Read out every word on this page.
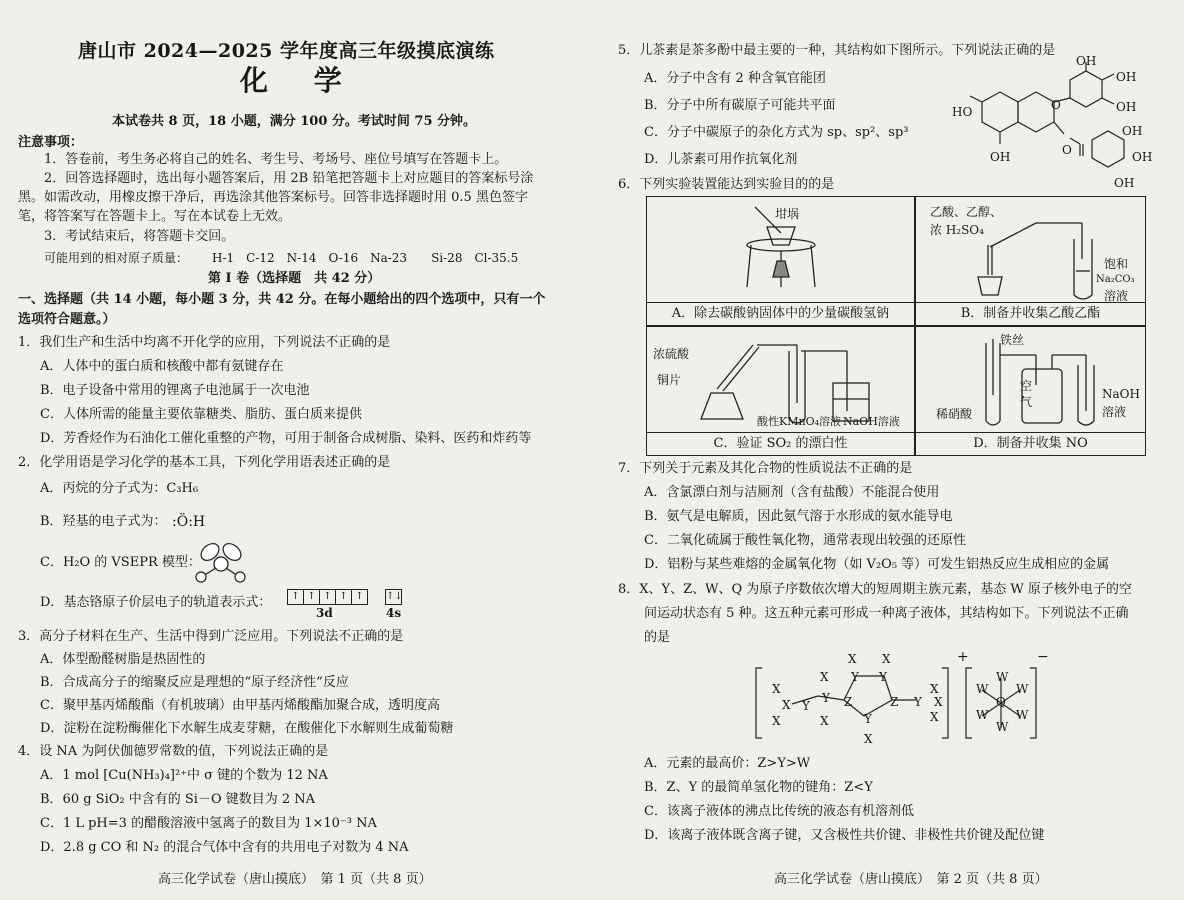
唐山市 2024—2025 学年度高三年级摸底演练
化 学
本试卷共 8 页，18 小题，满分 100 分。考试时间 75 分钟。
注意事项：
1．答卷前，考生务必将自己的姓名、考生号、考场号、座位号填写在答题卡上。
2．回答选择题时，选出每小题答案后，用 2B 铅笔把答题卡上对应题目的答案标号涂
黑。如需改动，用橡皮擦干净后，再选涂其他答案标号。回答非选择题时用 0.5 黑色签字
笔，将答案写在答题卡上。写在本试卷上无效。
3．考试结束后，将答题卡交回。
可能用到的相对原子质量： H-1　C-12　N-14　O-16　Na-23　　Si-28　Cl-35.5
第 Ⅰ 卷（选择题　共 42 分）
一、选择题（共 14 小题，每小题 3 分，共 42 分。在每小题给出的四个选项中，只有一个
选项符合题意。）
1．我们生产和生活中均离不开化学的应用，下列说法不正确的是
A．人体中的蛋白质和核酸中都有氨键存在
B．电子设备中常用的锂离子电池属于一次电池
C．人体所需的能量主要依靠糖类、脂肪、蛋白质来提供
D．芳香烃作为石油化工催化重整的产物，可用于制备合成树脂、染料、医药和炸药等
2．化学用语是学习化学的基本工具，下列化学用语表述正确的是
A．丙烷的分子式为：C₃H₆
B．羟基的电子式为： :Ö:H
C．H₂O 的 VSEPR 模型：
D．基态铬原子价层电子的轨道表示式：	↑ ↑ ↑ ↑ ↑	↑↓
3d	4s
3．高分子材料在生产、生活中得到广泛应用。下列说法不正确的是
A．体型酚醛树脂是热固性的
B．合成高分子的缩聚反应是理想的“原子经济性”反应
C．聚甲基丙烯酸酯（有机玻璃）由甲基丙烯酸酯加聚合成，透明度高
D．淀粉在淀粉酶催化下水解生成麦芽糖，在酸催化下水解则生成葡萄糖
4．设 NA 为阿伏伽德罗常数的值，下列说法正确的是
A．1 mol [Cu(NH₃)₄]²⁺中 σ 键的个数为 12 NA
B．60 g SiO₂ 中含有的 Si－O 键数目为 2 NA
C．1 L pH=3 的醋酸溶液中氢离子的数目为 1×10⁻³ NA
D．2.8 g CO 和 N₂ 的混合气体中含有的共用电子对数为 4 NA
高三化学试卷（唐山摸底）　第 1 页（共 8 页）
5．儿茶素是茶多酚中最主要的一种，其结构如下图所示。下列说法正确的是
A．分子中含有 2 种含氧官能团
B．分子中所有碳原子可能共平面
C．分子中碳原子的杂化方式为 sp、sp²、sp³
D．儿茶素可用作抗氧化剂
HO
OH
OH
OH
OH
O
O
OH
OH
OH
6．下列实验装置能达到实验目的的是
坩埚
A．除去碳酸钠固体中的少量碳酸氢钠
乙酸、乙醇、
浓 H₂SO₄
饱和
Na₂CO₃
溶液
B．制备并收集乙酸乙酯
浓硫酸
铜片
酸性KMnO₄溶液 NaOH溶液
C．验证 SO₂ 的漂白性
铁丝
空
气
稀硝酸
NaOH
溶液
D．制备并收集 NO
7．下列关于元素及其化合物的性质说法不正确的是
A．含氯漂白剂与洁厕剂（含有盐酸）不能混合使用
B．氨气是电解质，因此氨气溶于水形成的氨水能导电
C．二氧化硫属于酸性氧化物，通常表现出较强的还原性
D．铝粉与某些难熔的金属氧化物（如 V₂O₅ 等）可发生铝热反应生成相应的金属
8．X、Y、Z、W、Q 为原子序数依次增大的短周期主族元素，基态 W 原子核外电子的空
间运动状态有 5 种。这五种元素可形成一种离子液体，其结构如下。下列说法不正确
的是
+	−
X Y
Y Z
Y Y
Y
Z Y	Q
W W
W W
W
W
X
X
X
X
X X
X
X
X
X
A．元素的最高价：Z>Y>W
B．Z、Y 的最简单氢化物的键角：Z<Y
C．该离子液体的沸点比传统的液态有机溶剂低
D．该离子液体既含离子键，又含极性共价键、非极性共价键及配位键
高三化学试卷（唐山摸底）　第 2 页（共 8 页）
